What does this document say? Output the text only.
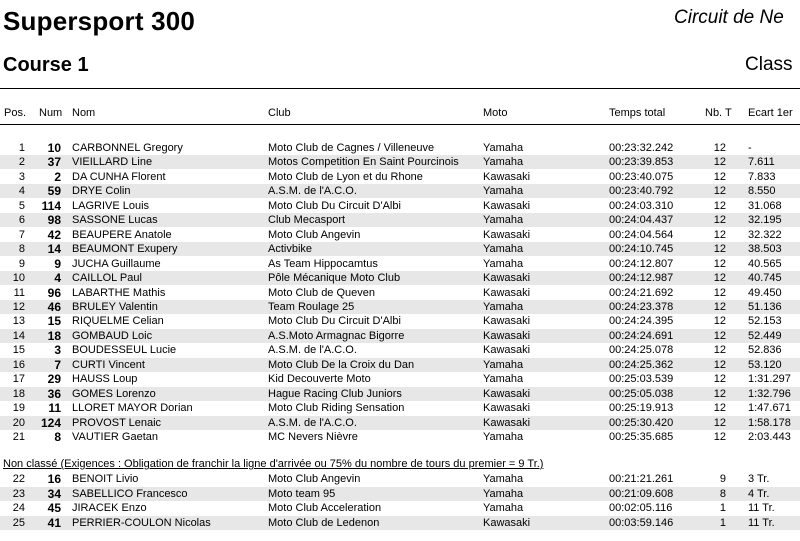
Supersport 300	Circuit de Ne
Course 1	Class
Pos. Num Nom	Club	Moto	Temps total	Nb. T Ecart 1er
1	10 CARBONNEL Gregory	Moto Club de Cagnes / Villeneuve	Yamaha	00:23:32.242	12 -
2	37 VIEILLARD Line	Motos Competition En Saint Pourcinois Yamaha	00:23:39.853	12 7.611
3	2 DA CUNHA Florent	Moto Club de Lyon et du Rhone	Kawasaki	00:23:40.075	12 7.833
4	59 DRYE Colin	A.S.M. de l'A.C.O.	Yamaha	00:23:40.792	12 8.550
5	114 LAGRIVE Louis	Moto Club Du Circuit D'Albi	Kawasaki	00:24:03.310	12 31.068
6	98 SASSONE Lucas	Club Mecasport	Yamaha	00:24:04.437	12 32.195
7	42 BEAUPERE Anatole	Moto Club Angevin	Kawasaki	00:24:04.564	12 32.322
8	14 BEAUMONT Exupery	Activbike	Yamaha	00:24:10.745	12 38.503
9	9 JUCHA Guillaume	As Team Hippocamtus	Yamaha	00:24:12.807	12 40.565
10	4 CAILLOL Paul	Pôle Mécanique Moto Club	Kawasaki	00:24:12.987	12 40.745
11	96 LABARTHE Mathis	Moto Club de Queven	Kawasaki	00:24:21.692	12 49.450
12	46 BRULEY Valentin	Team Roulage 25	Yamaha	00:24:23.378	12 51.136
13	15 RIQUELME Celian	Moto Club Du Circuit D'Albi	Kawasaki	00:24:24.395	12 52.153
14	18 GOMBAUD Loic	A.S.Moto Armagnac Bigorre	Kawasaki	00:24:24.691	12 52.449
15	3 BOUDESSEUL Lucie	A.S.M. de l'A.C.O.	Kawasaki	00:24:25.078	12 52.836
16	7 CURTI Vincent	Moto Club De la Croix du Dan	Yamaha	00:24:25.362	12 53.120
17	29 HAUSS Loup	Kid Decouverte Moto	Yamaha	00:25:03.539	12 1:31.297
18	36 GOMES Lorenzo	Hague Racing Club Juniors	Kawasaki	00:25:05.038	12 1:32.796
19	11 LLORET MAYOR Dorian	Moto Club Riding Sensation	Kawasaki	00:25:19.913	12 1:47.671
20	124 PROVOST Lenaic	A.S.M. de l'A.C.O.	Kawasaki	00:25:30.420	12 1:58.178
21	8 VAUTIER Gaetan	MC Nevers Nièvre	Yamaha	00:25:35.685	12 2:03.443
Non classé (Exigences : Obligation de franchir la ligne d'arrivée ou 75% du nombre de tours du premier = 9 Tr.)
22	16 BENOIT Livio	Moto Club Angevin	Yamaha	00:21:21.261	9 3 Tr.
23	34 SABELLICO Francesco	Moto team 95	Yamaha	00:21:09.608	8 4 Tr.
24	45 JIRACEK Enzo	Moto Club Acceleration	Yamaha	00:02:05.116	1 11 Tr.
25	41 PERRIER-COULON Nicolas	Moto Club de Ledenon	Kawasaki	00:03:59.146	1 11 Tr.
